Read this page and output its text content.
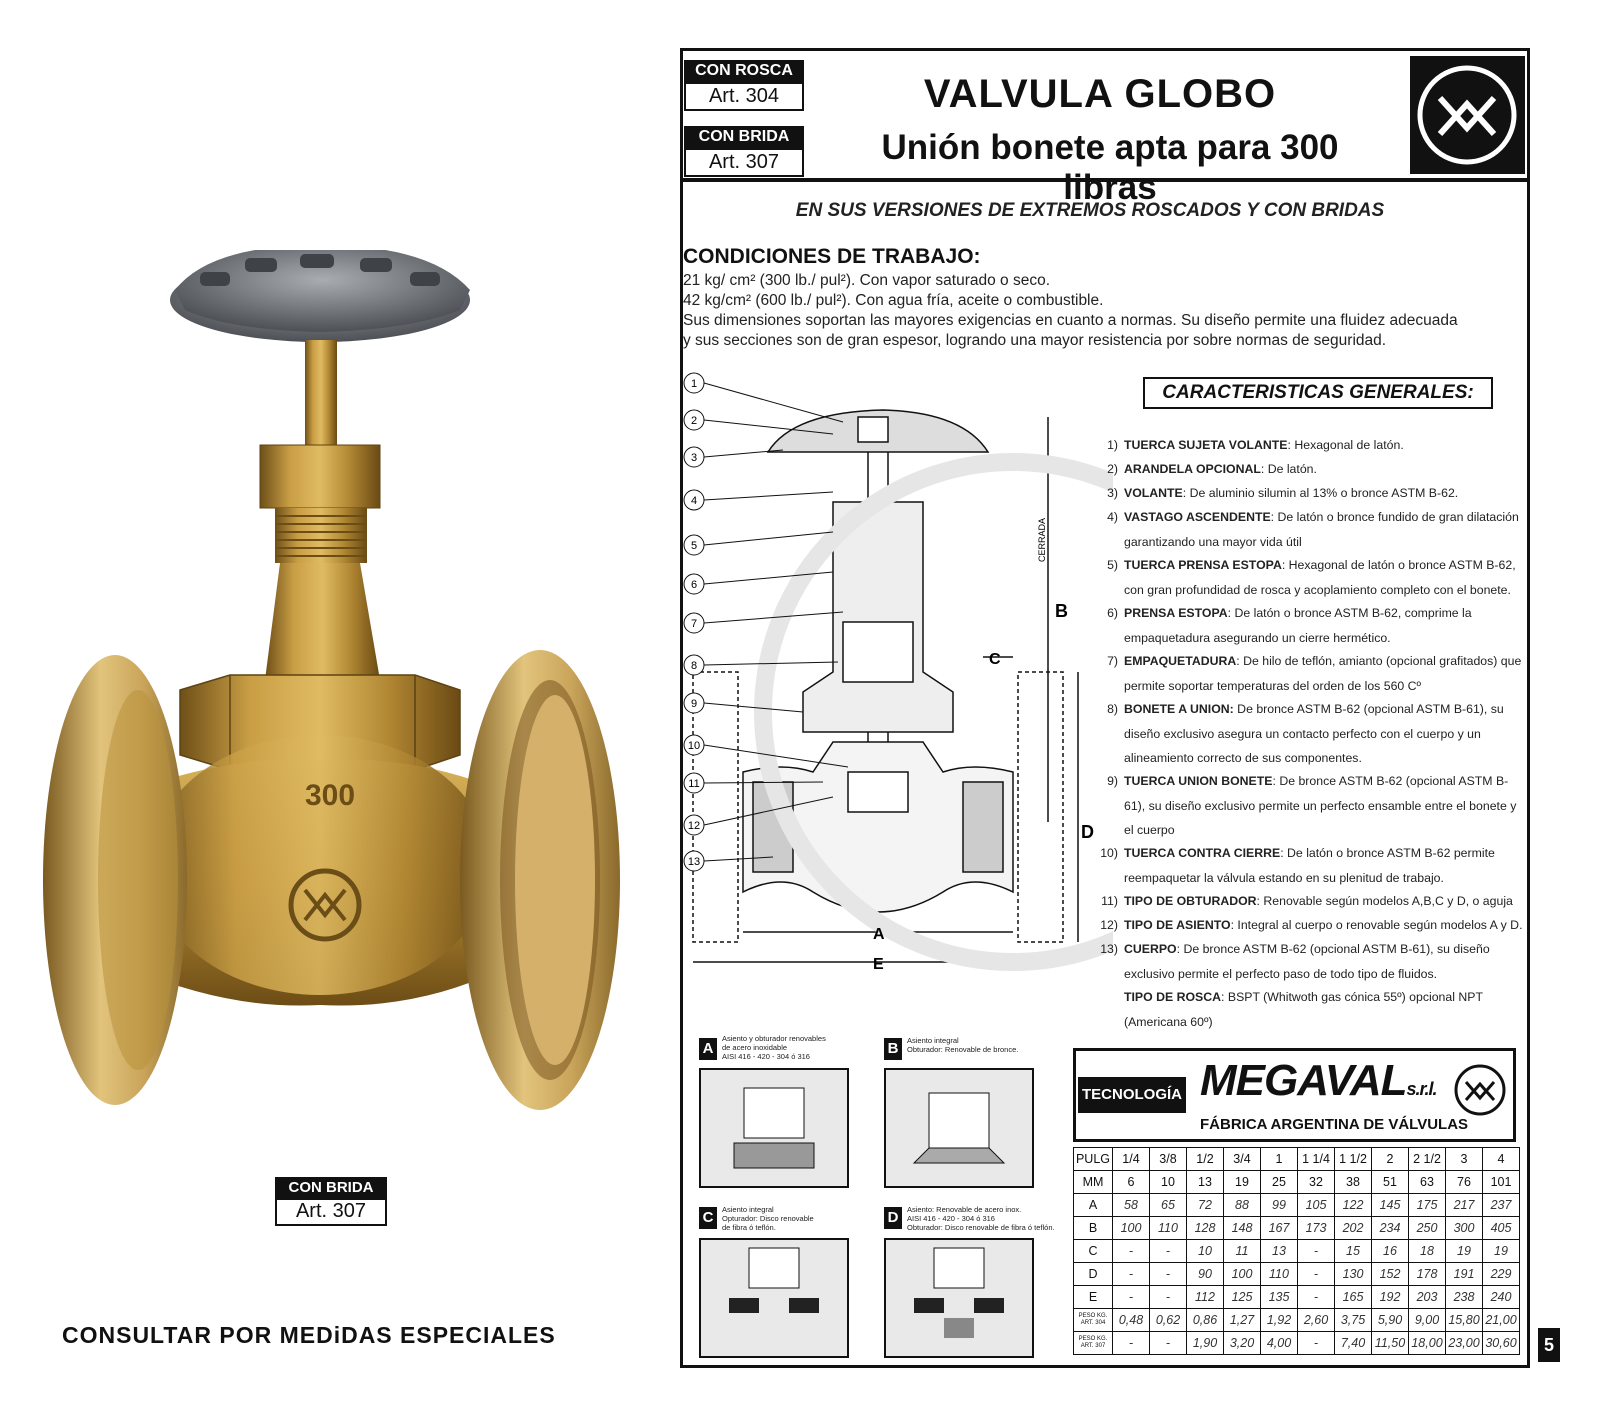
300
CON BRIDA
Art. 307
CONSULTAR POR MEDiDAS ESPECIALES
CON ROSCA
Art. 304
CON BRIDA
Art. 307
VALVULA GLOBO
Unión bonete apta para 300 libras
EN SUS VERSIONES DE EXTREMOS ROSCADOS Y CON BRIDAS
CONDICIONES DE TRABAJO:
21 kg/ cm² (300 lb./ pul²). Con vapor saturado o seco.
42 kg/cm² (600 lb./ pul²). Con agua fría, aceite o combustible.
Sus dimensiones soportan las mayores exigencias en cuanto a normas. Su diseño permite una fluidez adecuada
y sus secciones son de gran espesor, logrando una mayor resistencia por sobre normas de seguridad.
1
2
3
4
5
6
7
8
9
10
11
12
13
B
D
C
A
E
CERRADA
CARACTERISTICAS GENERALES:
1) TUERCA SUJETA VOLANTE: Hexagonal de latón.
2) ARANDELA OPCIONAL: De latón.
3) VOLANTE: De aluminio silumin al 13% o bronce ASTM B-62.
4) VASTAGO ASCENDENTE: De latón o bronce fundido de gran dilatación garantizando una mayor vida útil
5) TUERCA PRENSA ESTOPA: Hexagonal de latón o bronce ASTM B-62, con gran profundidad de rosca y acoplamiento completo con el bonete.
6) PRENSA ESTOPA: De latón o bronce ASTM B-62, comprime la empaquetadura asegurando un cierre hermético.
7) EMPAQUETADURA: De hilo de teflón, amianto (opcional grafitados) que permite soportar temperaturas del orden de los 560 Cº
8) BONETE A UNION: De bronce ASTM B-62 (opcional ASTM B-61), su diseño exclusivo asegura un contacto perfecto con el cuerpo y un alineamiento correcto de sus componentes.
9) TUERCA UNION BONETE: De bronce ASTM B-62 (opcional ASTM B-61), su diseño exclusivo permite un perfecto ensamble entre el bonete y el cuerpo
10) TUERCA CONTRA CIERRE: De latón o bronce ASTM B-62 permite reempaquetar la válvula estando en su plenitud de trabajo.
11) TIPO DE OBTURADOR: Renovable según modelos A,B,C y D, o aguja
12) TIPO DE ASIENTO: Integral al cuerpo o renovable según modelos A y D.
13) CUERPO: De bronce ASTM B-62 (opcional ASTM B-61), su diseño exclusivo permite el perfecto paso de todo tipo de fluidos.
TIPO DE ROSCA: BSPT (Whitwoth gas cónica 55º) opcional NPT (Americana 60º)
A
Asiento y obturador renovables
de acero inoxidable
AISI 416 - 420 - 304 ó 316	B	Asiento integral
Obturador: Renovable de bronce.
C	Asiento integral
Opturador: Disco renovable
de fibra ó teflón.
D	Asiento: Renovable de acero inox.
AISI 416 - 420 - 304 ó 316
Obturador: Disco renovable de fibra ó teflón.
TECNOLOGÍA MEGAVALs.r.l.
FÁBRICA ARGENTINA DE VÁLVULAS
PULG	1/4	3/8	1/2	3/4	1	1 1/4	1 1/2	2	2 1/2	3	4
MM	6	10	13	19	25	32	38	51	63	76	101
A	58	65	72	88	99	105	122	145	175	217	237
B	100	110	128	148	167	173	202	234	250	300	405
C	-	-	10	11	13	-	15	16	18	19	19
D	-	-	90	100	110	-	130	152	178	191	229
E	-	-	112	125	135	-	165	192	203	238	240
PESO KG. ART. 304	0,48	0,62	0,86	1,27	1,92	2,60	3,75	5,90	9,00	15,80	21,00
PESO KG. ART. 307	-	-	1,90	3,20	4,00	-	7,40	11,50	18,00	23,00	30,60	5
